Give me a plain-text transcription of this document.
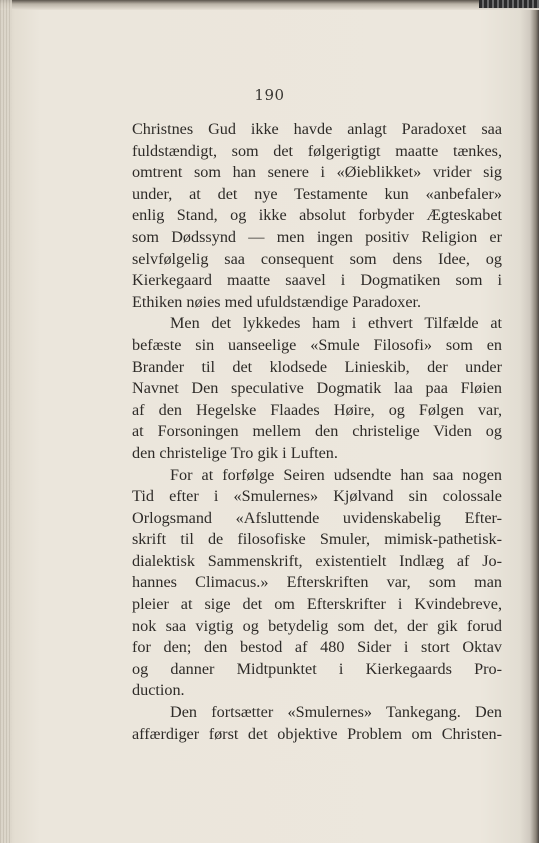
190
Christnes Gud ikke havde anlagt Paradoxet saa
fuldstændigt, som det følgerigtigt maatte tænkes,
omtrent som han senere i «Øieblikket» vrider sig
under, at det nye Testamente kun «anbefaler»
enlig Stand, og ikke absolut forbyder Ægteskabet
som Dødssynd — men ingen positiv Religion er
selvfølgelig saa consequent som dens Idee, og
Kierkegaard maatte saavel i Dogmatiken som i
Ethiken nøies med ufuldstændige Paradoxer.
Men det lykkedes ham i ethvert Tilfælde at
befæste sin uanseelige «Smule Filosofi» som en
Brander til det klodsede Linieskib, der under
Navnet Den speculative Dogmatik laa paa Fløien
af den Hegelske Flaades Høire, og Følgen var,
at Forsoningen mellem den christelige Viden og
den christelige Tro gik i Luften.
For at forfølge Seiren udsendte han saa nogen
Tid efter i «Smulernes» Kjølvand sin colossale
Orlogsmand «Afsluttende uvidenskabelig Efter-
skrift til de filosofiske Smuler, mimisk-pathetisk-
dialektisk Sammenskrift, existentielt Indlæg af Jo-
hannes Climacus.» Efterskriften var, som man
pleier at sige det om Efterskrifter i Kvindebreve,
nok saa vigtig og betydelig som det, der gik forud
for den; den bestod af 480 Sider i stort Oktav
og danner Midtpunktet i Kierkegaards Pro-
duction.
Den fortsætter «Smulernes» Tankegang. Den
affærdiger først det objektive Problem om Christen-
